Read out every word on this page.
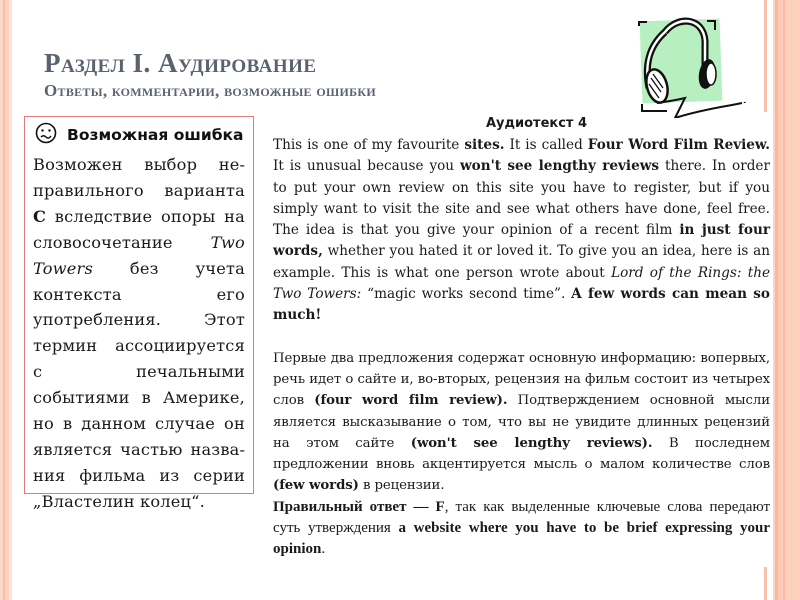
Раздел I. Аудирование
Ответы, комментарии, возможные ошибки
Возможная ошибка

Возможен выбор неправильного варианта C вследствие опоры на словосочетание Two Towers без учета контекста его употребления. Этот термин ассоциируется с печальными событиями в Америке, но в данном случае он является частью названия фильма из серии „Властелин колец“.

Аудиотекст 4

This is one of my favourite sites. It is called Four Word Film Review. It is unusual because you won't see lengthy reviews there. In order to put your own review on this site you have to register, but if you simply want to visit the site and see what others have done, feel free. The idea is that you give your opinion of a recent film in just four words, whether you hated it or loved it. To give you an idea, here is an example. This is what one person wrote about Lord of the Rings: the Two Towers: “magic works second time”. A few words can mean so much!

Первые два предложения содержат основную информацию: вопервых, речь идет о сайте и, во-вторых, рецензия на фильм состоит из четырех слов (four word film review). Подтверждением основной мысли является высказывание о том, что вы не увидите длинных рецензий на этом сайте (won't see lengthy reviews). В последнем предложении вновь акцентируется мысль о малом количестве слов (few words) в рецензии.

Правильный ответ — F, так как выделенные ключевые слова передают суть утверждения a website where you have to be brief expressing your opinion.
